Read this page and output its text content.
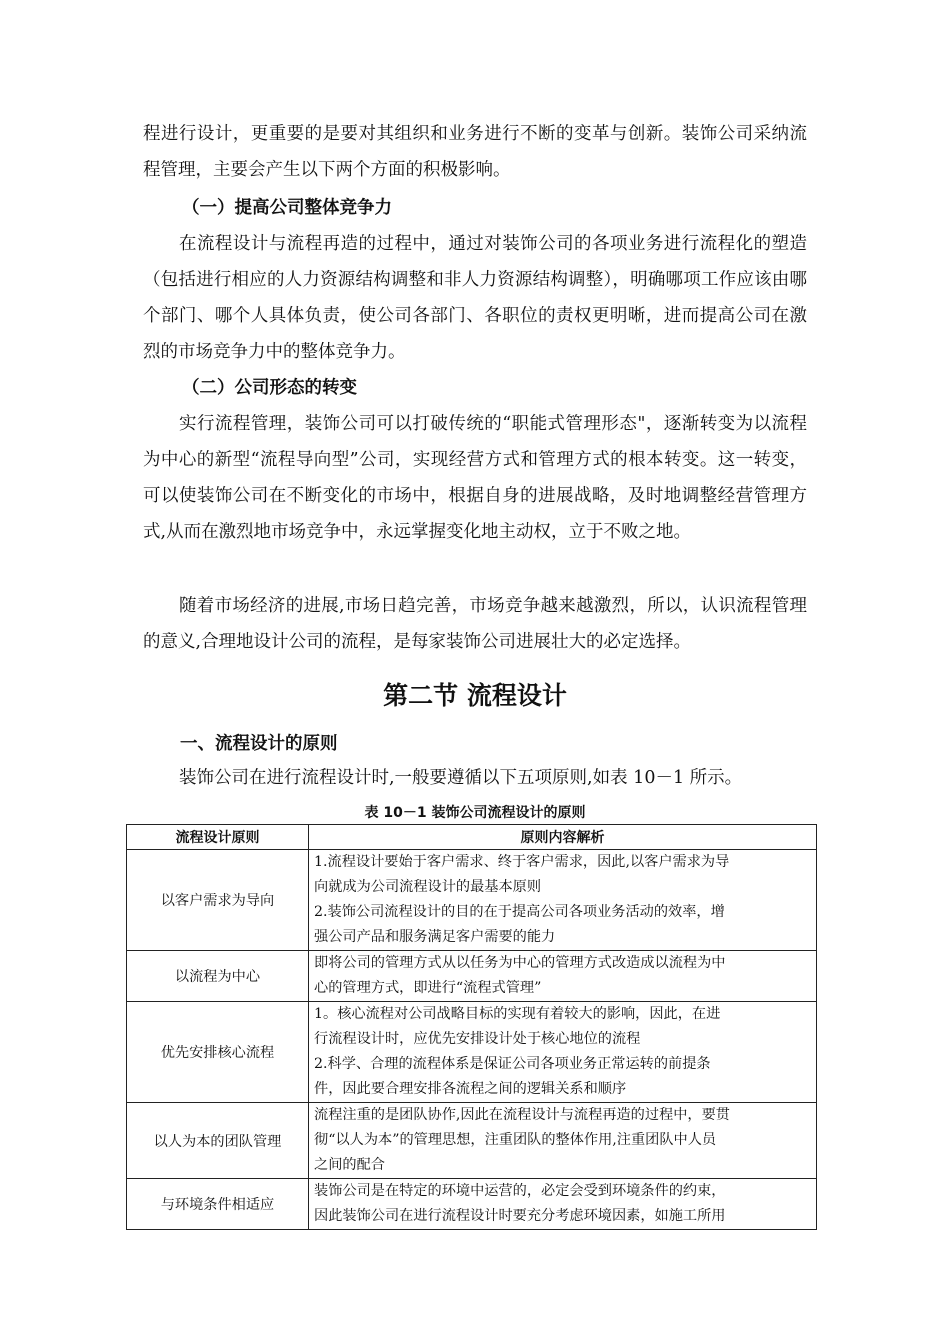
程进行设计，更重要的是要对其组织和业务进行不断的变革与创新。装饰公司采纳流程管理，主要会产生以下两个方面的积极影响。

（一）提高公司整体竞争力

在流程设计与流程再造的过程中，通过对装饰公司的各项业务进行流程化的塑造（包括进行相应的人力资源结构调整和非人力资源结构调整），明确哪项工作应该由哪个部门、哪个人具体负责，使公司各部门、各职位的责权更明晰，进而提高公司在激烈的市场竞争力中的整体竞争力。

（二）公司形态的转变

实行流程管理，装饰公司可以打破传统的“职能式管理形态"，逐渐转变为以流程为中心的新型“流程导向型”公司，实现经营方式和管理方式的根本转变。这一转变，可以使装饰公司在不断变化的市场中，根据自身的进展战略，及时地调整经营管理方式,从而在激烈地市场竞争中，永远掌握变化地主动权，立于不败之地。

随着市场经济的进展,市场日趋完善，市场竞争越来越激烈，所以，认识流程管理的意义,合理地设计公司的流程，是每家装饰公司进展壮大的必定选择。

第二节 流程设计

一、流程设计的原则

装饰公司在进行流程设计时,一般要遵循以下五项原则,如表 10－1 所示。

表 10－1 装饰公司流程设计的原则

流程设计原则	原则内容解析
以客户需求为导向	1.流程设计要始于客户需求、终于客户需求，因此,以客户需求为导
向就成为公司流程设计的最基本原则
2.装饰公司流程设计的目的在于提高公司各项业务活动的效率，增
强公司产品和服务满足客户需要的能力

以流程为中心	即将公司的管理方式从以任务为中心的管理方式改造成以流程为中
心的管理方式，即进行“流程式管理”

优先安排核心流程	1。核心流程对公司战略目标的实现有着较大的影响，因此，在进
行流程设计时，应优先安排设计处于核心地位的流程
2.科学、合理的流程体系是保证公司各项业务正常运转的前提条
件，因此要合理安排各流程之间的逻辑关系和顺序

以人为本的团队管理	流程注重的是团队协作,因此在流程设计与流程再造的过程中，要贯
彻“以人为本”的管理思想，注重团队的整体作用,注重团队中人员
之间的配合

与环境条件相适应	装饰公司是在特定的环境中运营的，必定会受到环境条件的约束，
因此装饰公司在进行流程设计时要充分考虑环境因素，如施工所用
